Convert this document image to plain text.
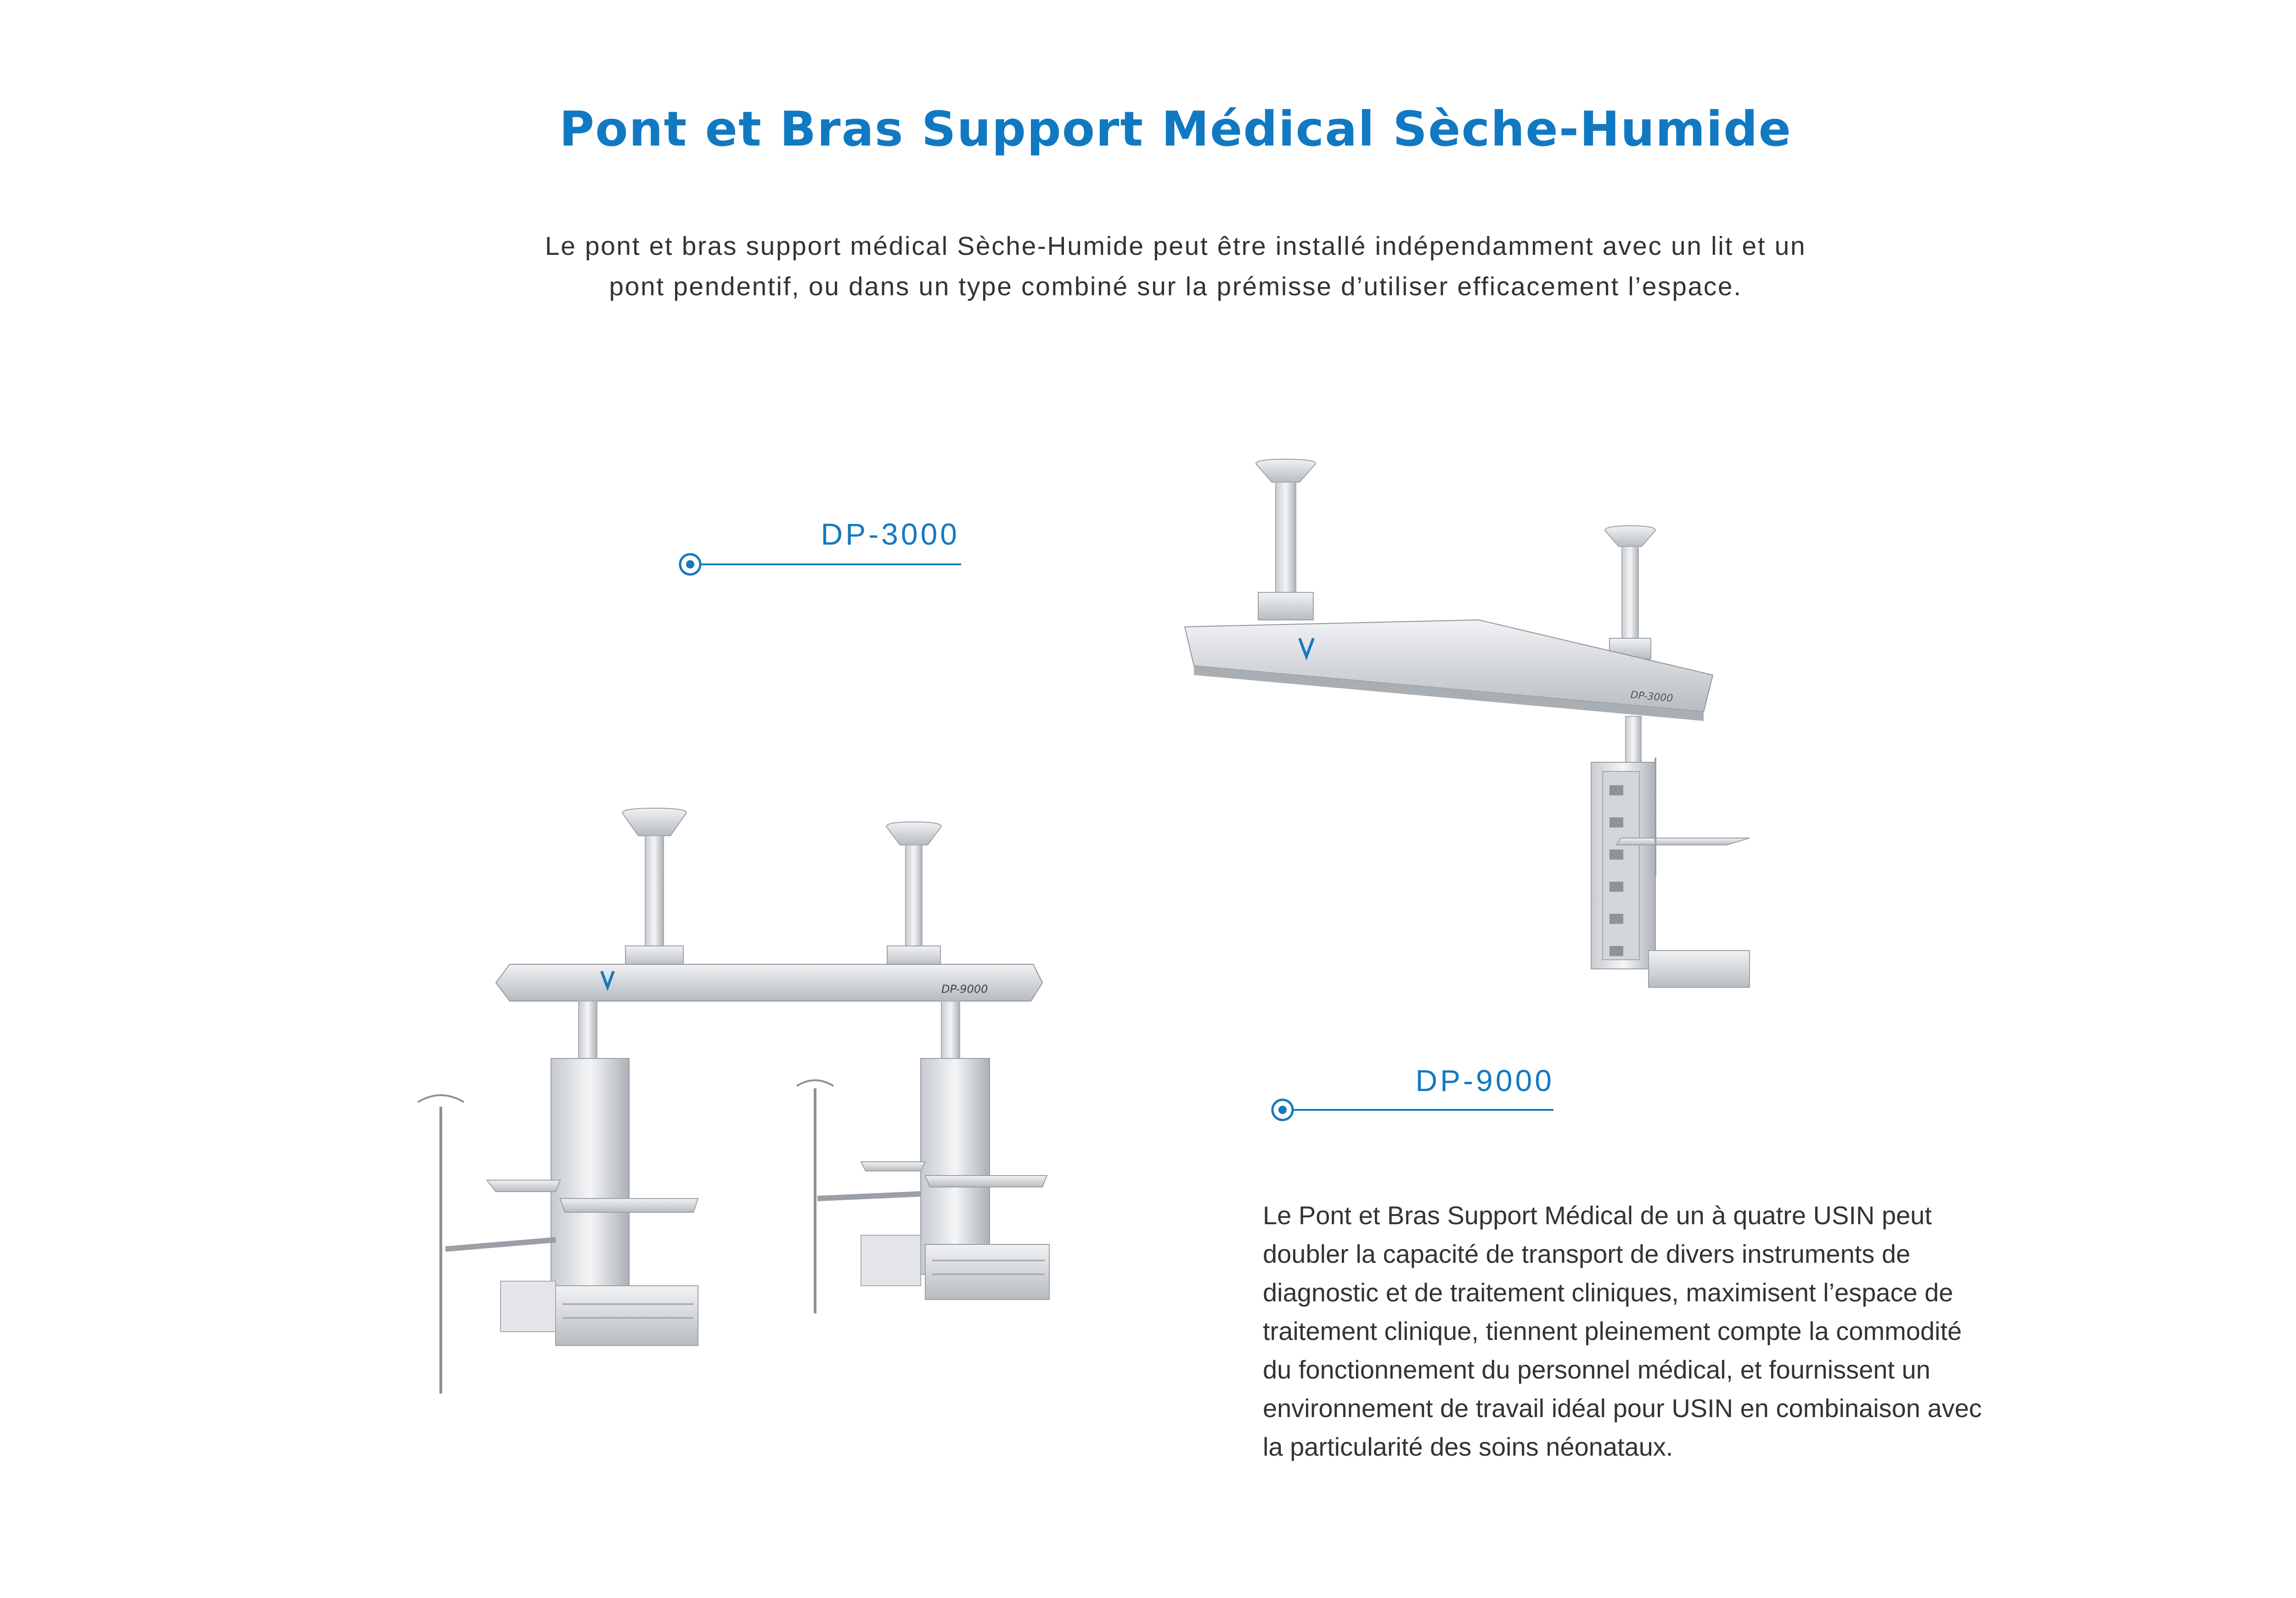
Pont et Bras Support Médical Sèche-Humide

Le pont et bras support médical Sèche-Humide peut être installé indépendamment avec un lit et un
pont pendentif, ou dans un type combiné sur la prémisse d’utiliser efficacement l’espace.

DP-3000
DP-9000
DP-3000
DP-9000

Le Pont et Bras Support Médical de un à quatre USIN peut
doubler la capacité de transport de divers instruments de
diagnostic et de traitement cliniques, maximisent l’espace de
traitement clinique, tiennent pleinement compte la commodité
du fonctionnement du personnel médical, et fournissent un
environnement de travail idéal pour USIN en combinaison avec
la particularité des soins néonataux.
